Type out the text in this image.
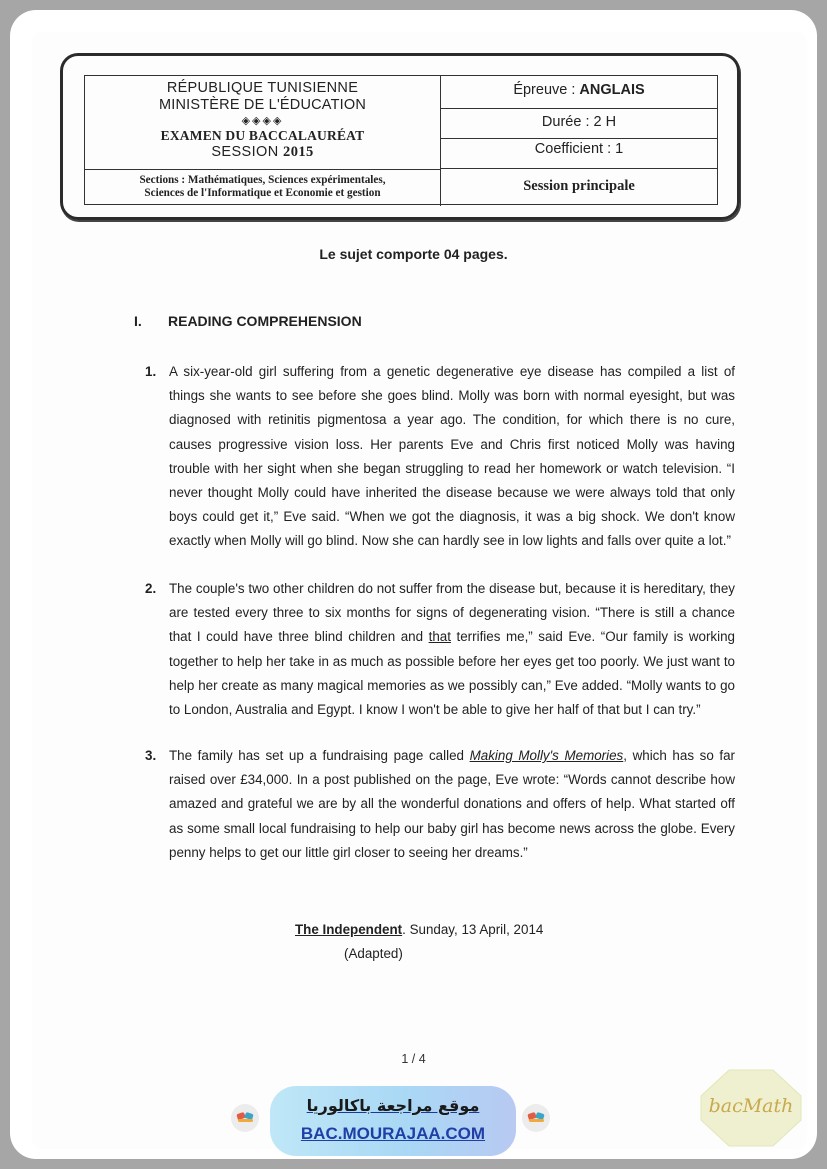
RÉPUBLIQUE TUNISIENNE
MINISTÈRE DE L'ÉDUCATION
◈◈◈◈
EXAMEN DU BACCALAURÉAT
SESSION 2015
Sections : Mathématiques, Sciences expérimentales,
Sciences de l'Informatique et Economie et gestion
Épreuve : ANGLAIS
Durée : 2 H
Coefficient : 1
Session principale
Le sujet comporte 04 pages.
I. READING COMPREHENSION
1. A six-year-old girl suffering from a genetic degenerative eye disease has compiled a list of things she wants to see before she goes blind. Molly was born with normal eyesight, but was diagnosed with retinitis pigmentosa a year ago. The condition, for which there is no cure, causes progressive vision loss. Her parents Eve and Chris first noticed Molly was having trouble with her sight when she began struggling to read her homework or watch television. “I never thought Molly could have inherited the disease because we were always told that only boys could get it,” Eve said. “When we got the diagnosis, it was a big shock. We don't know exactly when Molly will go blind. Now she can hardly see in low lights and falls over quite a lot.”
2. The couple's two other children do not suffer from the disease but, because it is hereditary, they are tested every three to six months for signs of degenerating vision. “There is still a chance that I could have three blind children and that terrifies me,” said Eve. “Our family is working together to help her take in as much as possible before her eyes get too poorly. We just want to help her create as many magical memories as we possibly can,” Eve added. “Molly wants to go to London, Australia and Egypt. I know I won't be able to give her half of that but I can try.”
3. The family has set up a fundraising page called Making Molly's Memories, which has so far raised over £34,000. In a post published on the page, Eve wrote: “Words cannot describe how amazed and grateful we are by all the wonderful donations and offers of help. What started off as some small local fundraising to help our baby girl has become news across the globe. Every penny helps to get our little girl closer to seeing her dreams.”
The Independent. Sunday, 13 April, 2014
(Adapted)
1 / 4
موقع مراجعة باكالوريا
BAC.MOURAJAA.COM
bacMath
